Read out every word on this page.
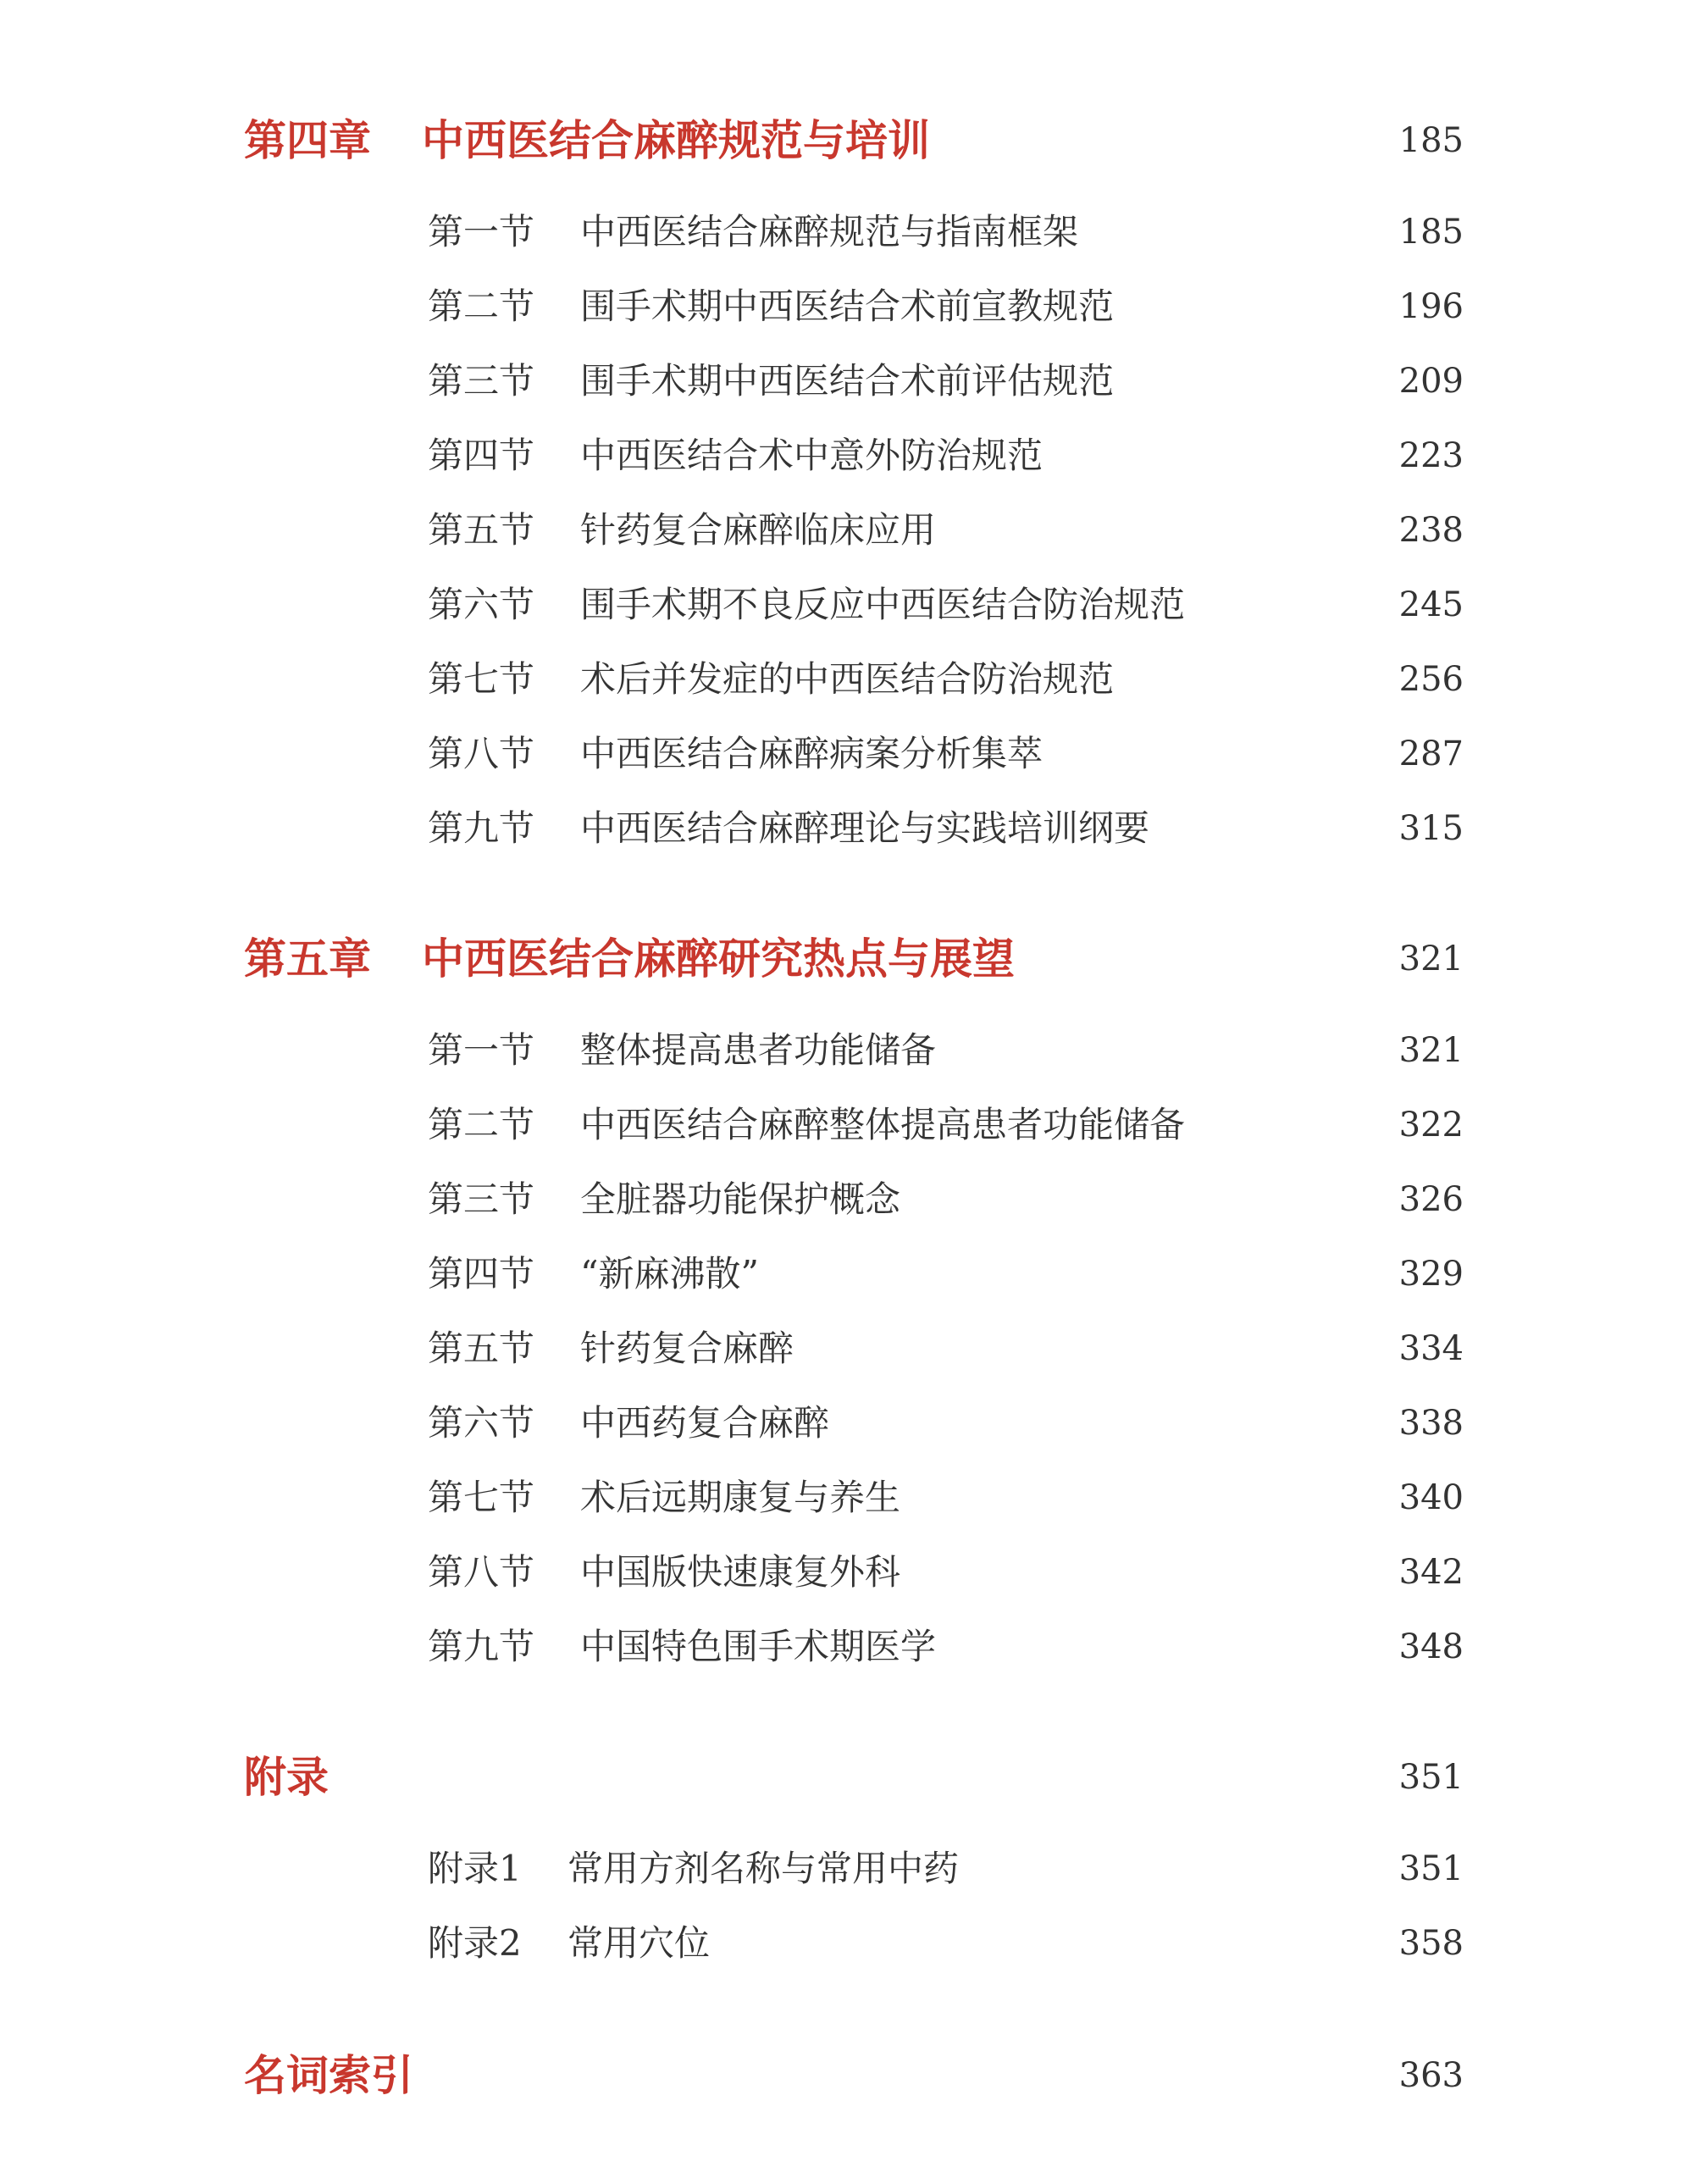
第四章 中西医结合麻醉规范与培训	185
第一节 中西医结合麻醉规范与指南框架	185
第二节 围手术期中西医结合术前宣教规范	196
第三节 围手术期中西医结合术前评估规范	209
第四节 中西医结合术中意外防治规范	223
第五节 针药复合麻醉临床应用	238
第六节 围手术期不良反应中西医结合防治规范	245
第七节 术后并发症的中西医结合防治规范	256
第八节 中西医结合麻醉病案分析集萃	287
第九节 中西医结合麻醉理论与实践培训纲要	315
第五章 中西医结合麻醉研究热点与展望	321
第一节 整体提高患者功能储备	321
第二节 中西医结合麻醉整体提高患者功能储备	322
第三节 全脏器功能保护概念	326
第四节 “新麻沸散”	329
第五节 针药复合麻醉	334
第六节 中西药复合麻醉	338
第七节 术后远期康复与养生	340
第八节 中国版快速康复外科	342
第九节 中国特色围手术期医学	348
附录	351
附录1 常用方剂名称与常用中药	351
附录2 常用穴位	358
名词索引	363
